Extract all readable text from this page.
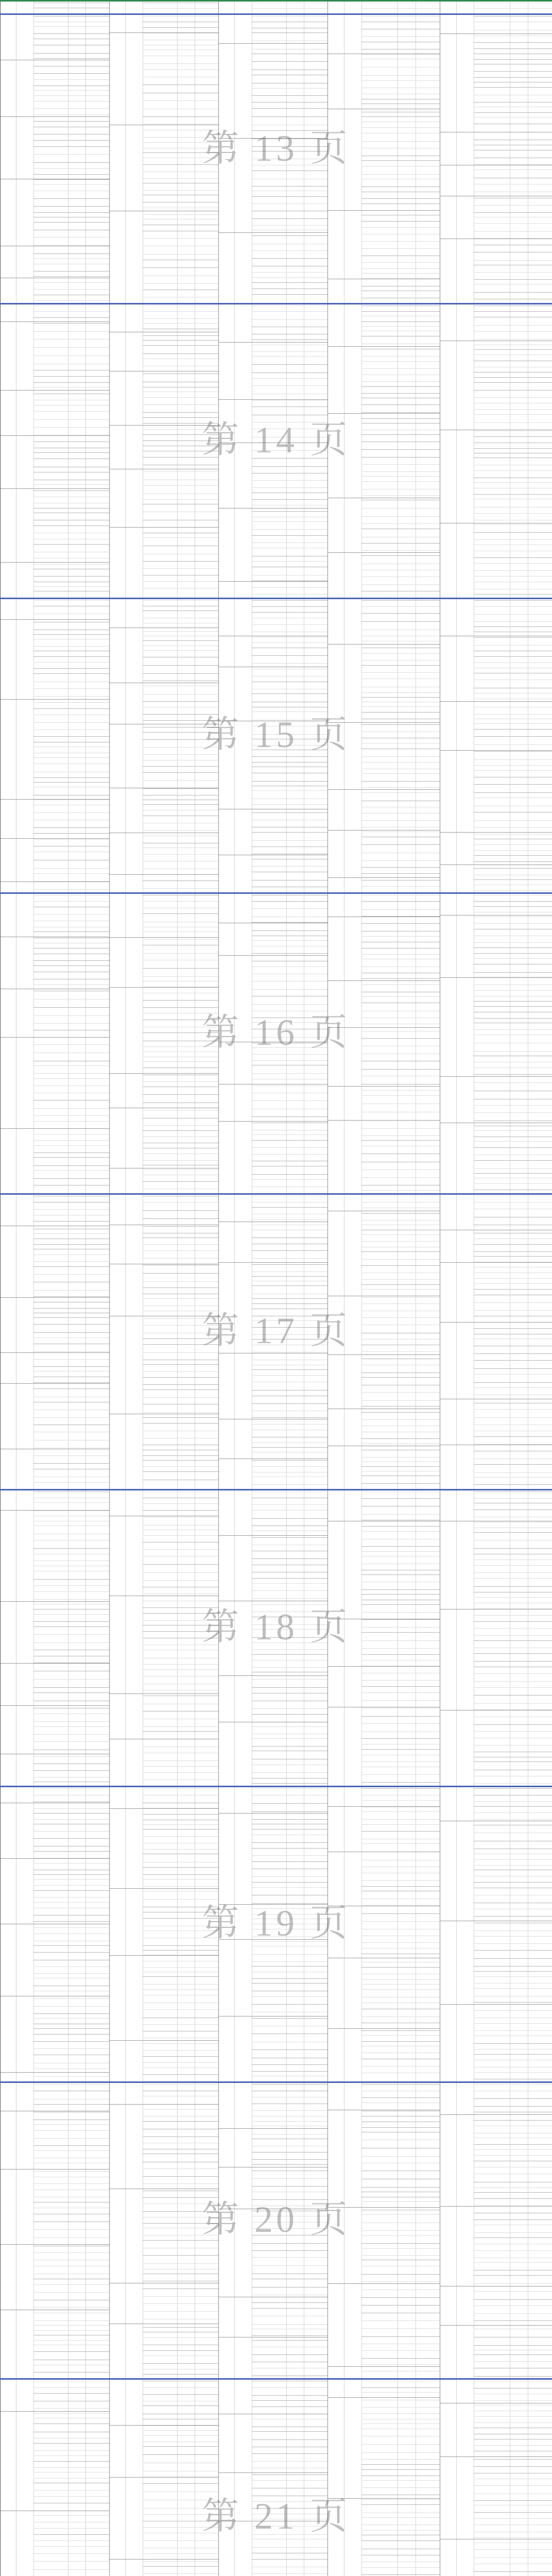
第 13 页
第 14 页
第 15 页
第 16 页
第 17 页
第 18 页
第 19 页
第 20 页
第 21 页
